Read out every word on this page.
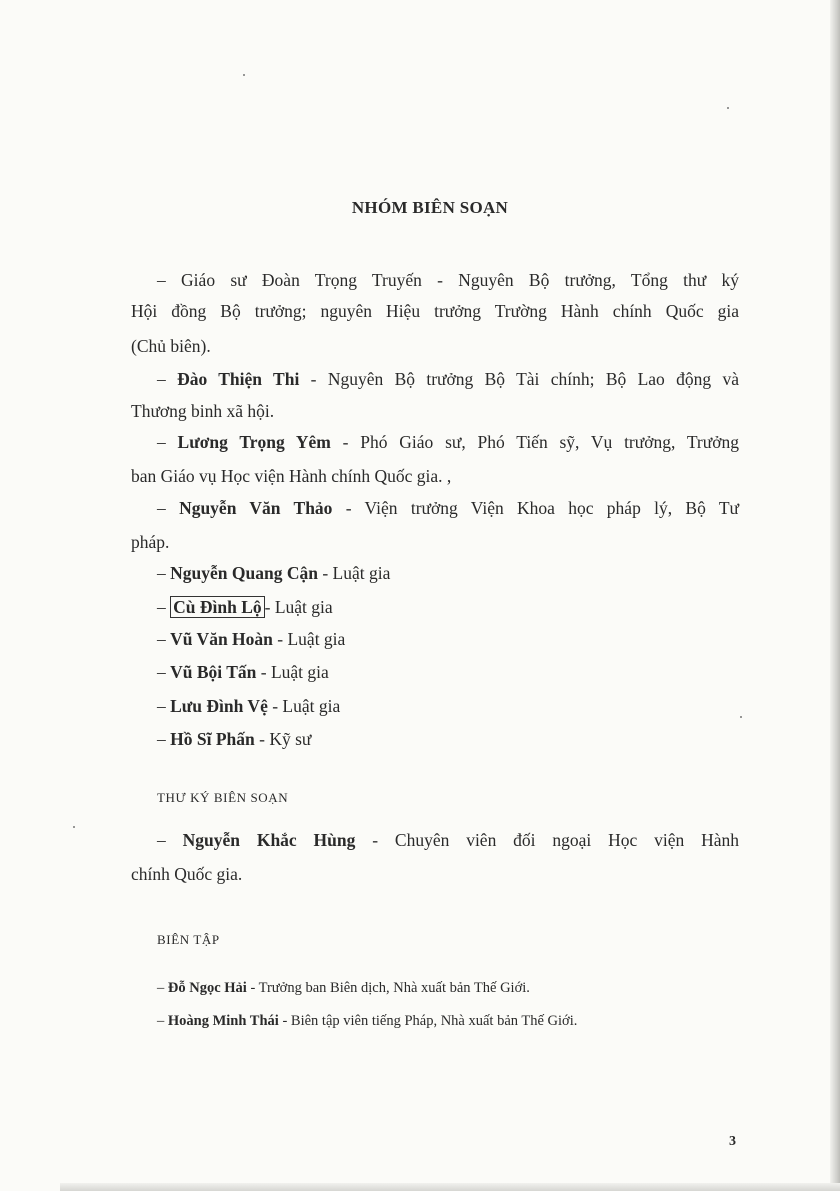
NHÓM BIÊN SOẠN
– Giáo sư Đoàn Trọng Truyến - Nguyên Bộ trưởng, Tổng thư ký
Hội đồng Bộ trưởng; nguyên Hiệu trưởng Trường Hành chính Quốc gia
(Chủ biên).
– Đào Thiện Thi - Nguyên Bộ trưởng Bộ Tài chính; Bộ Lao động và
Thương binh xã hội.
– Lương Trọng Yêm - Phó Giáo sư, Phó Tiến sỹ, Vụ trưởng, Trưởng
ban Giáo vụ Học viện Hành chính Quốc gia. ,
– Nguyễn Văn Thảo - Viện trưởng Viện Khoa học pháp lý, Bộ Tư
pháp.
– Nguyễn Quang Cận - Luật gia
– Cù Đình Lộ - Luật gia
– Vũ Văn Hoàn - Luật gia
– Vũ Bội Tấn - Luật gia
– Lưu Đình Vệ - Luật gia
– Hồ Sĩ Phấn - Kỹ sư
THƯ KÝ BIÊN SOẠN
– Nguyễn Khắc Hùng - Chuyên viên đối ngoại Học viện Hành
chính Quốc gia.
BIÊN TẬP
– Đỗ Ngọc Hải - Trưởng ban Biên dịch, Nhà xuất bản Thế Giới.
– Hoàng Minh Thái - Biên tập viên tiếng Pháp, Nhà xuất bản Thế Giới.
3
